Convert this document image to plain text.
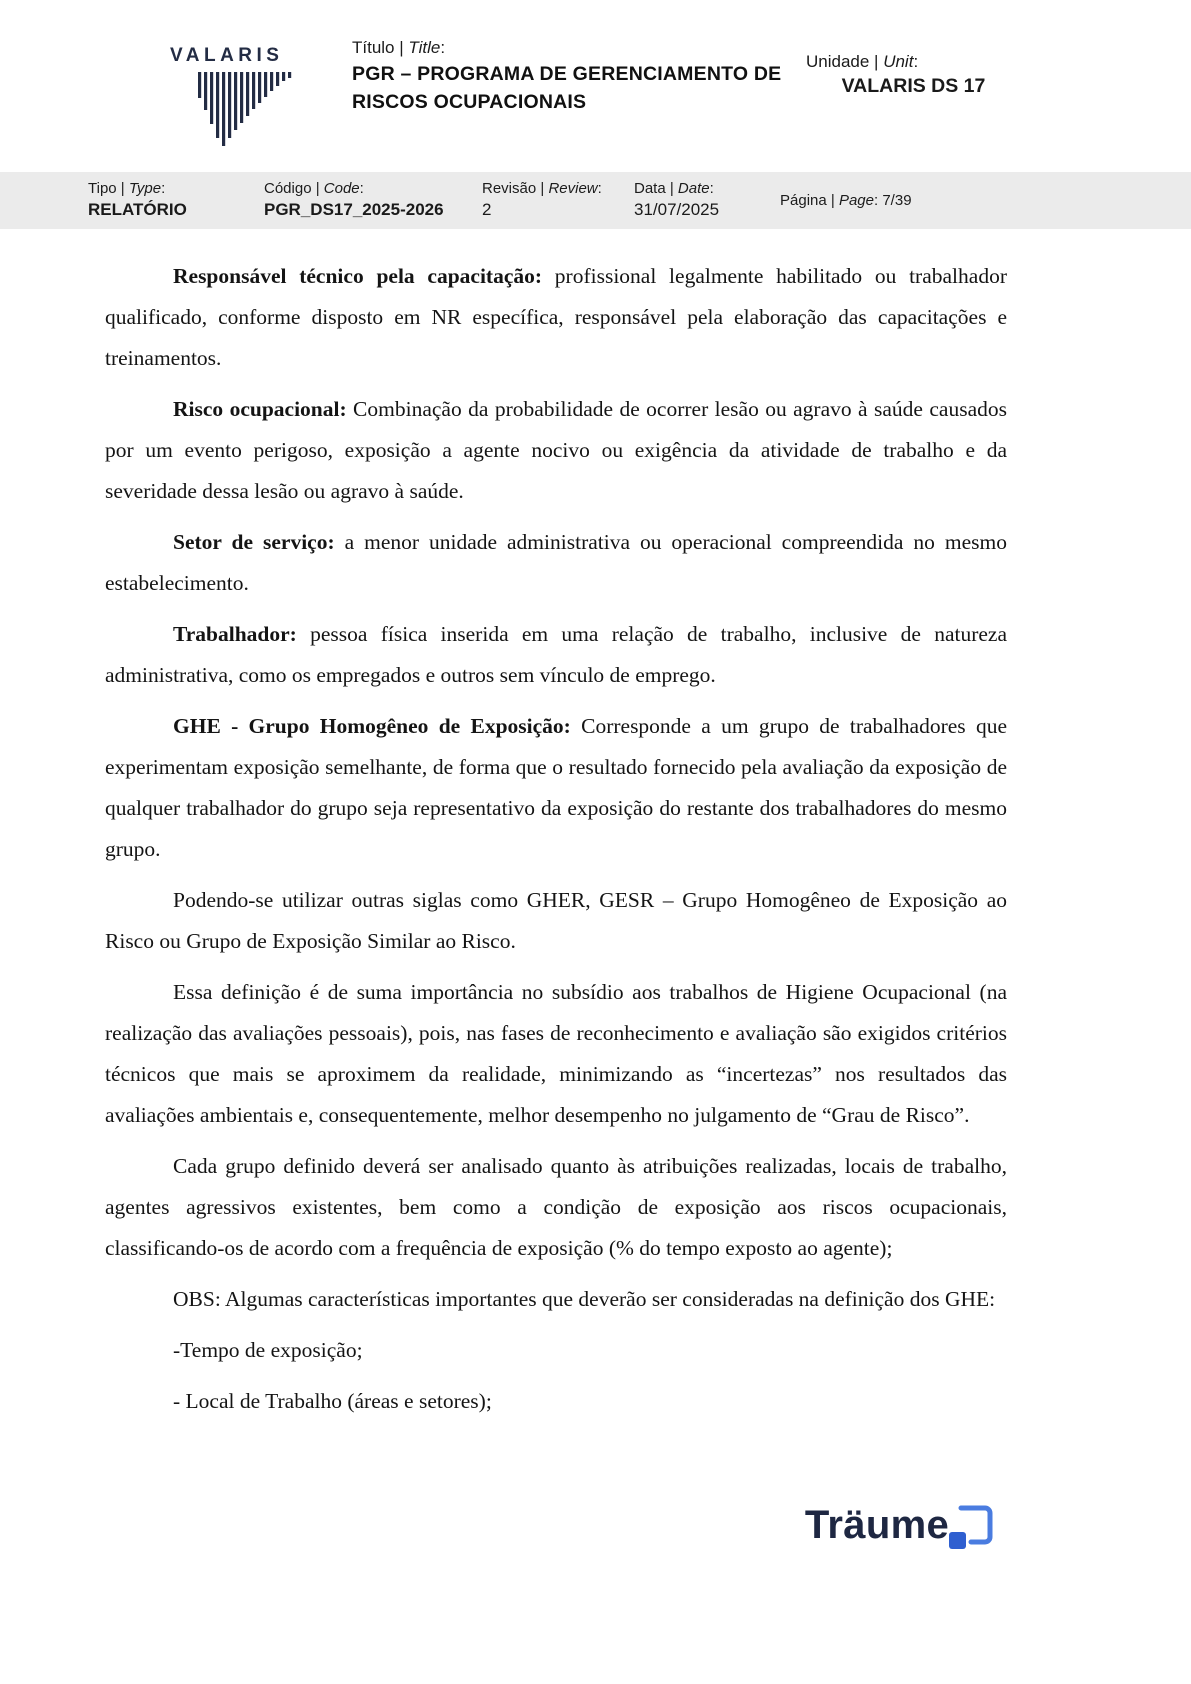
VALARIS	Título | Title:
PGR – PROGRAMA DE GERENCIAMENTO DE RISCOS OCUPACIONAIS
Unidade | Unit:
VALARIS DS 17
Tipo | Type:
RELATÓRIO
Código | Code:
PGR_DS17_2025-2026
Revisão | Review:
2
Data | Date:
31/07/2025	Página | Page: 7/39

Responsável técnico pela capacitação: profissional legalmente habilitado ou trabalhador qualificado, conforme disposto em NR específica, responsável pela elaboração das capacitações e treinamentos.

Risco ocupacional: Combinação da probabilidade de ocorrer lesão ou agravo à saúde causados por um evento perigoso, exposição a agente nocivo ou exigência da atividade de trabalho e da severidade dessa lesão ou agravo à saúde.

Setor de serviço: a menor unidade administrativa ou operacional compreendida no mesmo estabelecimento.

Trabalhador: pessoa física inserida em uma relação de trabalho, inclusive de natureza administrativa, como os empregados e outros sem vínculo de emprego.

GHE - Grupo Homogêneo de Exposição: Corresponde a um grupo de trabalhadores que experimentam exposição semelhante, de forma que o resultado fornecido pela avaliação da exposição de qualquer trabalhador do grupo seja representativo da exposição do restante dos trabalhadores do mesmo grupo.

Podendo-se utilizar outras siglas como GHER, GESR – Grupo Homogêneo de Exposição ao Risco ou Grupo de Exposição Similar ao Risco.

Essa definição é de suma importância no subsídio aos trabalhos de Higiene Ocupacional (na realização das avaliações pessoais), pois, nas fases de reconhecimento e avaliação são exigidos critérios técnicos que mais se aproximem da realidade, minimizando as “incertezas” nos resultados das avaliações ambientais e, consequentemente, melhor desempenho no julgamento de “Grau de Risco”.

Cada grupo definido deverá ser analisado quanto às atribuições realizadas, locais de trabalho, agentes agressivos existentes, bem como a condição de exposição aos riscos ocupacionais, classificando-os de acordo com a frequência de exposição (% do tempo exposto ao agente);

OBS: Algumas características importantes que deverão ser consideradas na definição dos GHE:

-Tempo de exposição;

- Local de Trabalho (áreas e setores);

Träume
